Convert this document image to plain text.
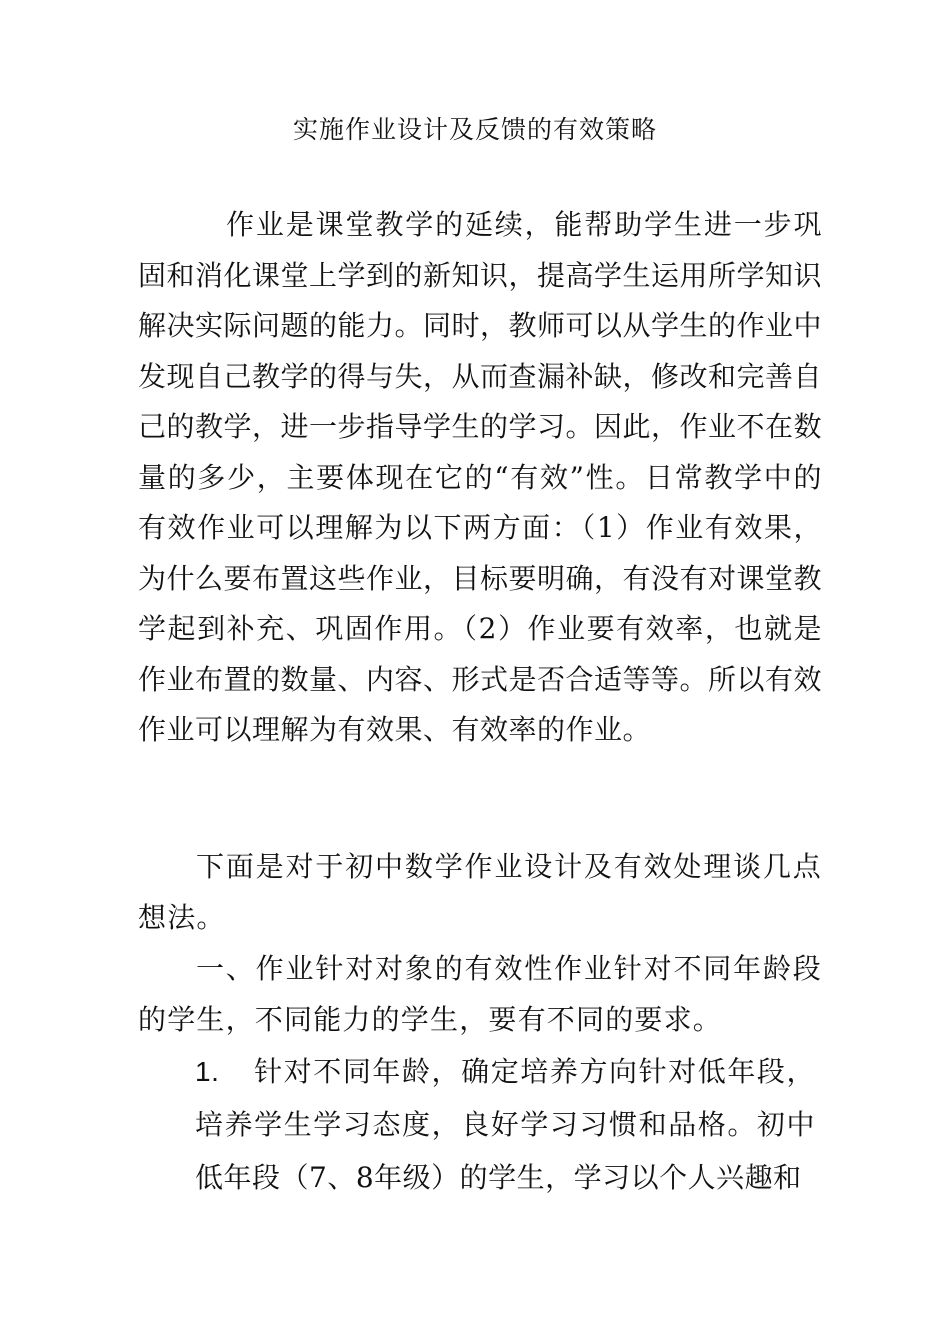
实施作业设计及反馈的有效策略
作业是课堂教学的延续，能帮助学生进一步巩固和消化课堂上学到的新知识，提高学生运用所学知识解决实际问题的能力。同时，教师可以从学生的作业中发现自己教学的得与失，从而查漏补缺，修改和完善自己的教学，进一步指导学生的学习。因此，作业不在数量的多少，主要体现在它的“有效”性。日常教学中的有效作业可以理解为以下两方面：（1）作业有效果，为什么要布置这些作业，目标要明确，有没有对课堂教学起到补充、巩固作用。（2）作业要有效率，也就是作业布置的数量、内容、形式是否合适等等。所以有效作业可以理解为有效果、有效率的作业。
下面是对于初中数学作业设计及有效处理谈几点想法。
一、作业针对对象的有效性作业针对不同年龄段的学生，不同能力的学生，要有不同的要求。
1. 针对不同年龄，确定培养方向针对低年段，培养学生学习态度，良好学习习惯和品格。初中低年段（7、8年级）的学生，学习以个人兴趣和
